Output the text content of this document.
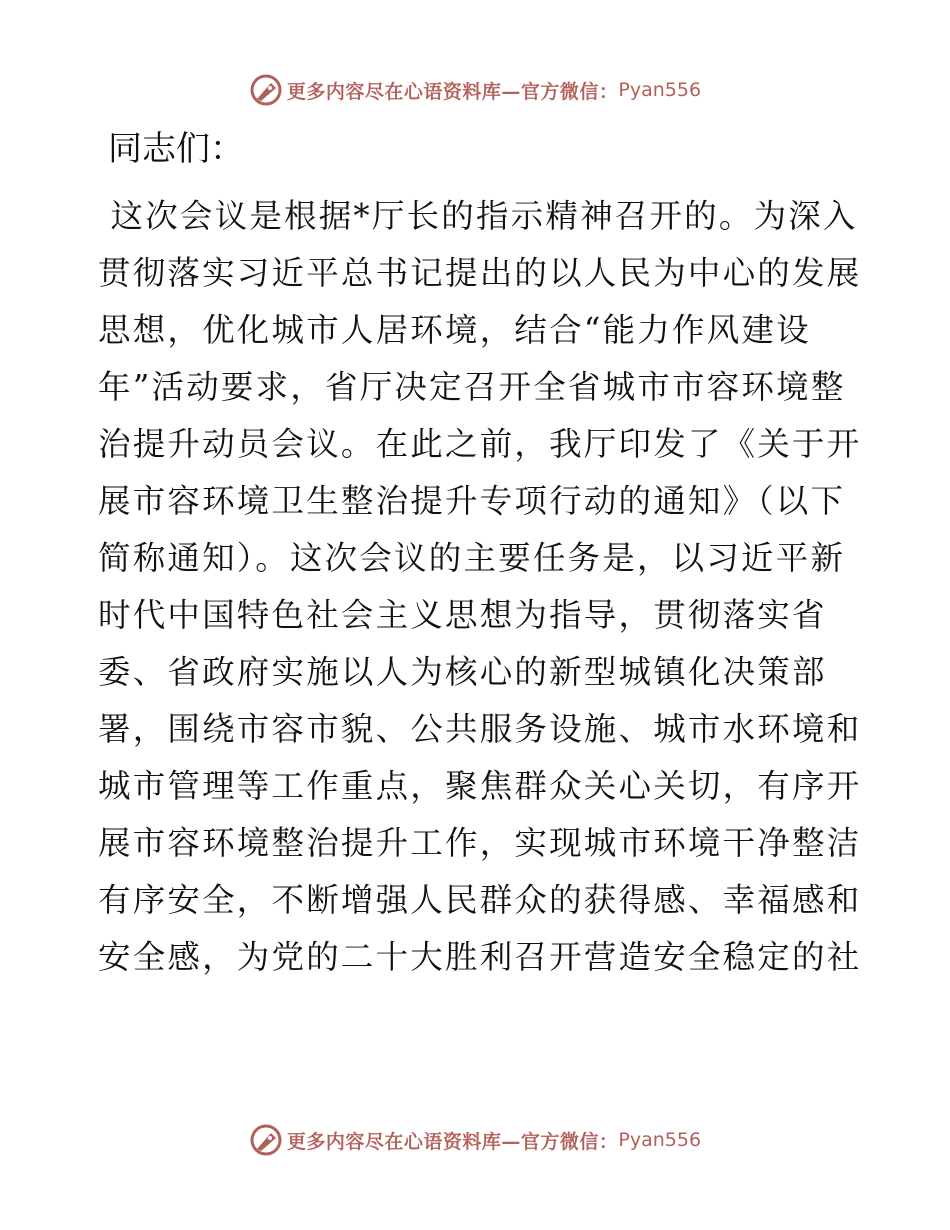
更多内容尽在心语资料库—官方微信： Pyan556
同志们：
这次会议是根据*厅长的指示精神召开的。为深入
贯彻落实习近平总书记提出的以人民为中心的发展
思想，优化城市人居环境，结合“能力作风建设
年”活动要求，省厅决定召开全省城市市容环境整
治提升动员会议。在此之前，我厅印发了《关于开
展市容环境卫生整治提升专项行动的通知》（以下
简称通知）。这次会议的主要任务是，以习近平新
时代中国特色社会主义思想为指导，贯彻落实省
委、省政府实施以人为核心的新型城镇化决策部
署，围绕市容市貌、公共服务设施、城市水环境和
城市管理等工作重点，聚焦群众关心关切，有序开
展市容环境整治提升工作，实现城市环境干净整洁
有序安全，不断增强人民群众的获得感、幸福感和
安全感，为党的二十大胜利召开营造安全稳定的社
更多内容尽在心语资料库—官方微信： Pyan556
